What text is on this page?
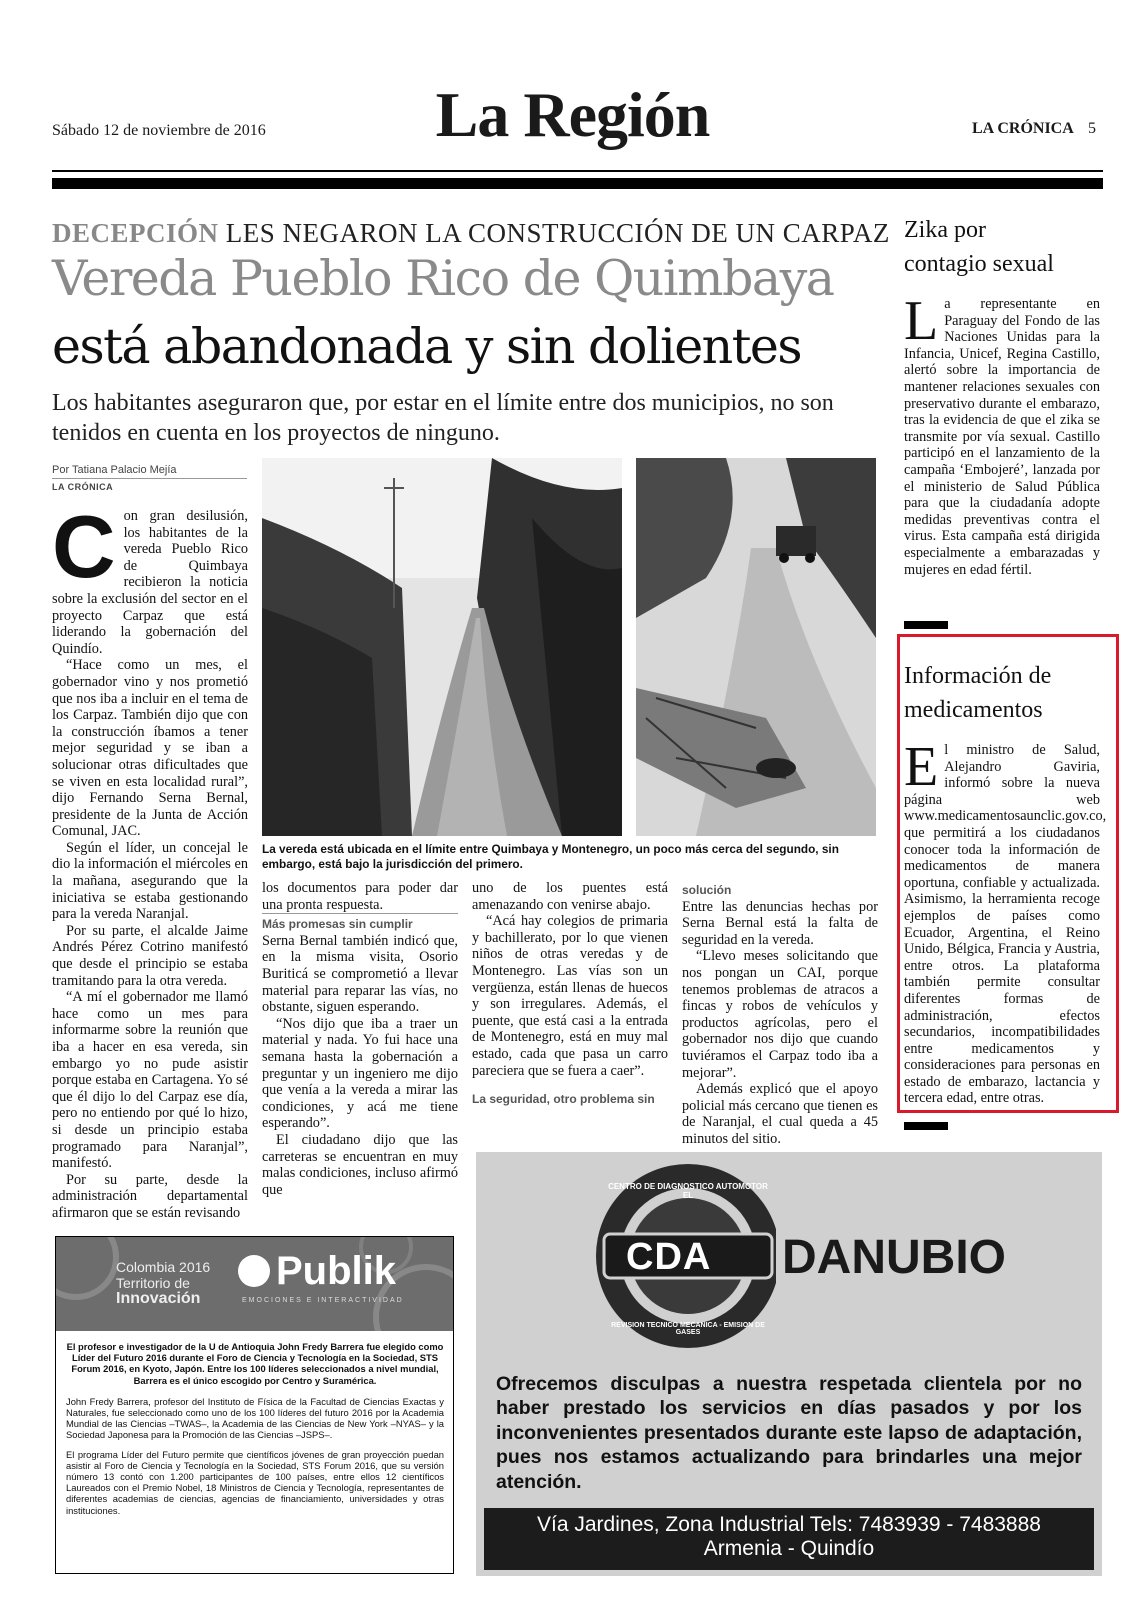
Sábado 12 de noviembre de 2016	La Región	LA CRÓNICA 5
DECEPCIÓN LES NEGARON LA CONSTRUCCIÓN DE UN CARPAZ
Vereda Pueblo Rico de Quimbaya
está abandonada y sin dolientes
Los habitantes aseguraron que, por estar en el límite entre dos municipios, no son tenidos en cuenta en los proyectos de ninguno.
Por Tatiana Palacio Mejía
LA CRÓNICA

C on gran desilusión, los habitantes de la vereda Pueblo Rico de Quimbaya recibieron la noticia sobre la exclusión del sector en el proyecto Carpaz que está liderando la gobernación del Quindío.

“Hace como un mes, el gobernador vino y nos prometió que nos iba a incluir en el tema de los Carpaz. También dijo que con la construcción íbamos a tener mejor seguridad y se iban a solucionar otras dificultades que se viven en esta localidad rural”, dijo Fernando Serna Bernal, presidente de la Junta de Acción Comunal, JAC.

Según el líder, un concejal le dio la información el miércoles en la mañana, asegurando que la iniciativa se estaba gestionando para la vereda Naranjal.

Por su parte, el alcalde Jaime Andrés Pérez Cotrino manifestó que desde el principio se estaba tramitando para la otra vereda.

“A mí el gobernador me llamó hace como un mes para informarme sobre la reunión que iba a hacer en esa vereda, sin embargo yo no pude asistir porque estaba en Cartagena. Yo sé que él dijo lo del Carpaz ese día, pero no entiendo por qué lo hizo, si desde un principio estaba programado para Naranjal”, manifestó.

Por su parte, desde la administración departamental afirmaron que se están revisando

La vereda está ubicada en el límite entre Quimbaya y Montenegro, un poco más cerca del segundo, sin embargo, está bajo la jurisdicción del primero.

los documentos para poder dar una pronta respuesta.

Más promesas sin cumplir

Serna Bernal también indicó que, en la misma visita, Osorio Buriticá se comprometió a llevar material para reparar las vías, no obstante, siguen esperando.

“Nos dijo que iba a traer un material y nada. Yo fui hace una semana hasta la gobernación a preguntar y un ingeniero me dijo que venía a la vereda a mirar las condiciones, y acá me tiene esperando”.

El ciudadano dijo que las carreteras se encuentran en muy malas condiciones, incluso afirmó que

uno de los puentes está amenazando con venirse abajo.

“Acá hay colegios de primaria y bachillerato, por lo que vienen niños de otras veredas y de Montenegro. Las vías son un vergüenza, están llenas de huecos y son irregulares. Además, el puente, que está casi a la entrada de Montenegro, está en muy mal estado, cada que pasa un carro pareciera que se fuera a caer”.

La seguridad, otro problema sin

solución

Entre las denuncias hechas por Serna Bernal está la falta de seguridad en la vereda.

“Llevo meses solicitando que nos pongan un CAI, porque tenemos problemas de atracos a fincas y robos de vehículos y productos agrícolas, pero el gobernador nos dijo que cuando tuviéramos el Carpaz todo iba a mejorar”.

Además explicó que el apoyo policial más cercano que tienen es de Naranjal, el cual queda a 45 minutos del sitio.

Zika por
contagio sexual
L a representante en Paraguay del Fondo de las Naciones Unidas para la Infancia, Unicef, Regina Castillo, alertó sobre la importancia de mantener relaciones sexuales con preservativo durante el embarazo, tras la evidencia de que el zika se transmite por vía sexual. Castillo participó en el lanzamiento de la campaña ‘Embojeré’, lanzada por el ministerio de Salud Pública para que la ciudadanía adopte medidas preventivas contra el virus. Esta campaña está dirigida especialmente a embarazadas y mujeres en edad fértil.
Información de
medicamentos
E l ministro de Salud, Alejandro Gaviria, informó sobre la nueva página web www.medicamentosaunclic.gov.co, que permitirá a los ciudadanos conocer toda la información de medicamentos de manera oportuna, confiable y actualizada. Asimismo, la herramienta recoge ejemplos de países como Ecuador, Argentina, el Reino Unido, Bélgica, Francia y Austria, entre otros. La plataforma también permite consultar diferentes formas de administración, efectos secundarios, incompatibilidades entre medicamentos y consideraciones para personas en estado de embarazo, lactancia y tercera edad, entre otras.
Colombia 2016
Territorio de
Innovación
Publik
EMOCIONES E INTERACTIVIDAD
El profesor e investigador de la U de Antioquia John Fredy Barrera fue elegido como Líder del Futuro 2016 durante el Foro de Ciencia y Tecnología en la Sociedad, STS Forum 2016, en Kyoto, Japón. Entre los 100 líderes seleccionados a nivel mundial, Barrera es el único escogido por Centro y Suramérica.

John Fredy Barrera, profesor del Instituto de Física de la Facultad de Ciencias Exactas y Naturales, fue seleccionado como uno de los 100 líderes del futuro 2016 por la Academia Mundial de las Ciencias –TWAS–, la Academia de las Ciencias de New York –NYAS– y la Sociedad Japonesa para la Promoción de las Ciencias –JSPS–.

El programa Líder del Futuro permite que científicos jóvenes de gran proyección puedan asistir al Foro de Ciencia y Tecnología en la Sociedad, STS Forum 2016, que su versión número 13 contó con 1.200 participantes de 100 países, entre ellos 12 científicos Laureados con el Premio Nobel, 18 Ministros de Ciencia y Tecnología, representantes de diferentes academias de ciencias, agencias de financiamiento, universidades y otras instituciones.

CDA DANUBIO
CENTRO DE DIAGNOSTICO AUTOMOTOR EL
REVISION TECNICO MECANICA - EMISION DE GASES
Ofrecemos disculpas a nuestra respetada clientela por no haber prestado los servicios en días pasados y por los inconvenientes presentados durante este lapso de adaptación, pues nos estamos actualizando para brindarles una mejor atención.
Vía Jardines, Zona Industrial Tels: 7483939 - 7483888
Armenia - Quindío
